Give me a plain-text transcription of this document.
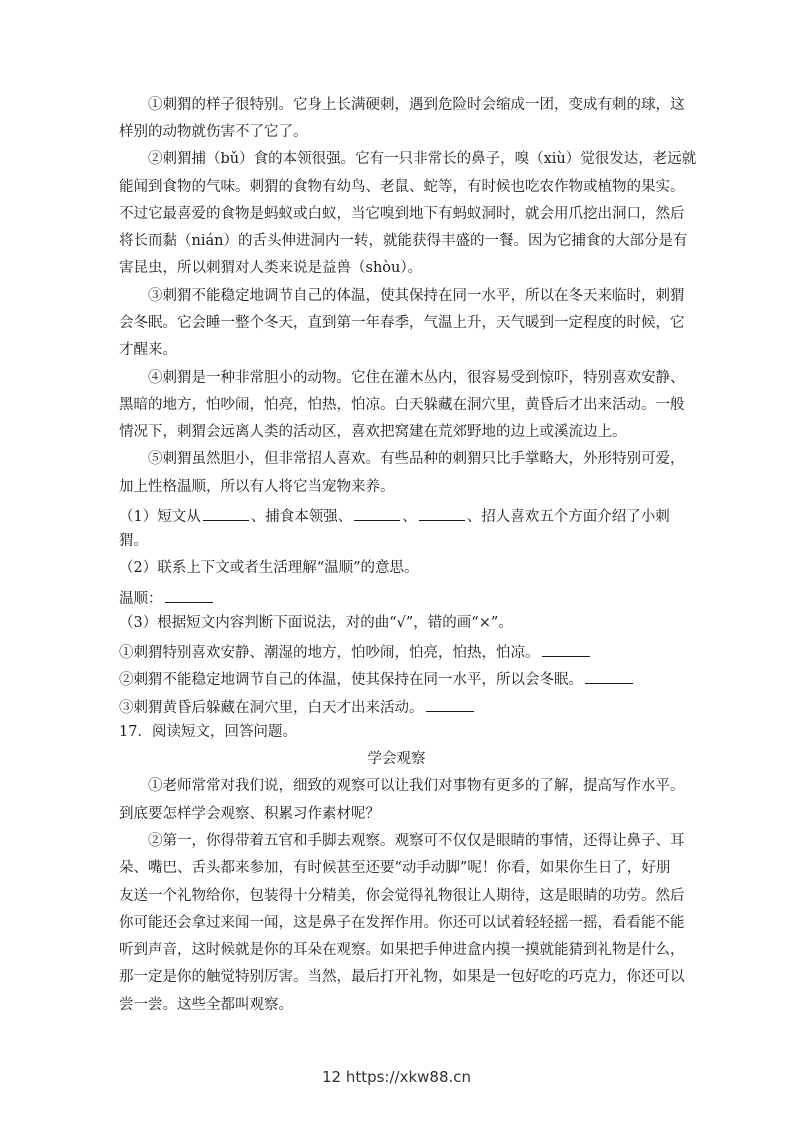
①刺猬的样子很特别。它身上长满硬刺，遇到危险时会缩成一团，变成有刺的球，这
样别的动物就伤害不了它了。
②刺猬捕（bǔ）食的本领很强。它有一只非常长的鼻子，嗅（xiù）觉很发达，老远就
能闻到食物的气味。刺猬的食物有幼鸟、老鼠、蛇等，有时候也吃农作物或植物的果实。
不过它最喜爱的食物是蚂蚁或白蚁，当它嗅到地下有蚂蚁洞时，就会用爪挖出洞口，然后
将长而黏（nián）的舌头伸进洞内一转，就能获得丰盛的一餐。因为它捕食的大部分是有
害昆虫，所以刺猬对人类来说是益兽（shòu）。
③刺猬不能稳定地调节自己的体温，使其保持在同一水平，所以在冬天来临时，刺猬
会冬眠。它会睡一整个冬天，直到第一年春季，气温上升，天气暖到一定程度的时候，它
才醒来。
④刺猬是一种非常胆小的动物。它住在灌木丛内，很容易受到惊吓，特别喜欢安静、
黑暗的地方，怕吵闹，怕亮，怕热，怕凉。白天躲藏在洞穴里，黄昏后才出来活动。一般
情况下，刺猬会远离人类的活动区，喜欢把窝建在荒郊野地的边上或溪流边上。
⑤刺猬虽然胆小，但非常招人喜欢。有些品种的刺猬只比手掌略大，外形特别可爱，
加上性格温顺，所以有人将它当宠物来养。
（1）短文从	、捕食本领强、	、	、招人喜欢五个方面介绍了小刺
猬。
（2）联系上下文或者生活理解“温顺”的意思。
温顺：
（3）根据短文内容判断下面说法，对的曲“√”，错的画“×”。
①刺猬特别喜欢安静、潮湿的地方，怕吵闹，怕亮，怕热，怕凉。
②刺猬不能稳定地调节自己的体温，使其保持在同一水平，所以会冬眠。
③刺猬黄昏后躲藏在洞穴里，白天才出来活动。
17．阅读短文，回答问题。
学会观察
①老师常常对我们说，细致的观察可以让我们对事物有更多的了解，提高写作水平。
到底要怎样学会观察、积累习作素材呢？
②第一，你得带着五官和手脚去观察。观察可不仅仅是眼睛的事情，还得让鼻子、耳
朵、嘴巴、舌头都来参加，有时候甚至还要“动手动脚”呢！你看，如果你生日了，好朋
友送一个礼物给你，包装得十分精美，你会觉得礼物很让人期待，这是眼睛的功劳。然后
你可能还会拿过来闻一闻，这是鼻子在发挥作用。你还可以试着轻轻摇一摇，看看能不能
听到声音，这时候就是你的耳朵在观察。如果把手伸进盒内摸一摸就能猜到礼物是什么，
那一定是你的触觉特别厉害。当然，最后打开礼物，如果是一包好吃的巧克力，你还可以
尝一尝。这些全都叫观察。
12 https://xkw88.cn
